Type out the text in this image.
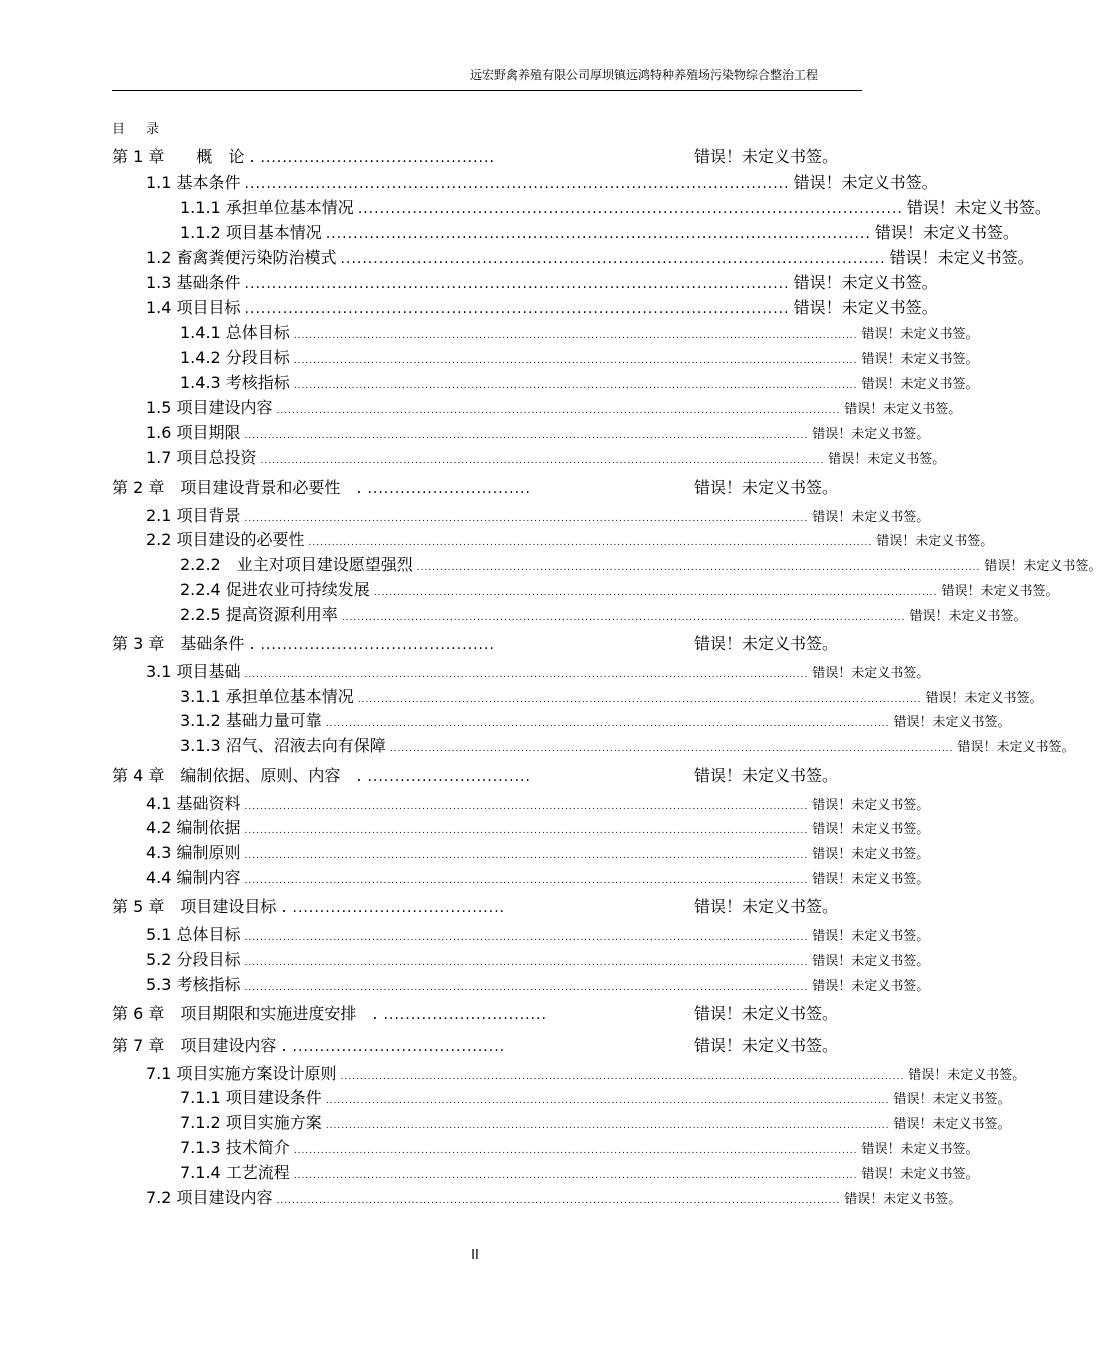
远宏野禽养殖有限公司厚坝镇远鸿特种养殖场污染物综合整治工程
目　录
第 1 章　　概　论 . ...........................................	错误！未定义书签。
1.1 基本条件 .................................................................................................... 错误！未定义书签。
1.1.1 承担单位基本情况 .................................................................................................... 错误！未定义书签。
1.1.2 项目基本情况 .................................................................................................... 错误！未定义书签。
1.2 畜禽粪便污染防治模式 .................................................................................................... 错误！未定义书签。
1.3 基础条件 .................................................................................................... 错误！未定义书签。
1.4 项目目标 .................................................................................................... 错误！未定义书签。
1.4.1 总体目标 .................................................................................................................................................. 错误！未定义书签。
1.4.2 分段目标 .................................................................................................................................................. 错误！未定义书签。
1.4.3 考核指标 .................................................................................................................................................. 错误！未定义书签。
1.5 项目建设内容 .................................................................................................................................................. 错误！未定义书签。
1.6 项目期限 .................................................................................................................................................. 错误！未定义书签。
1.7 项目总投资 .................................................................................................................................................. 错误！未定义书签。
第 2 章　项目建设背景和必要性　. ..............................	错误！未定义书签。
2.1 项目背景 .................................................................................................................................................. 错误！未定义书签。
2.2 项目建设的必要性 .................................................................................................................................................. 错误！未定义书签。
2.2.2　业主对项目建设愿望强烈 .................................................................................................................................................. 错误！未定义书签。
2.2.4 促进农业可持续发展 .................................................................................................................................................. 错误！未定义书签。
2.2.5 提高资源利用率 .................................................................................................................................................. 错误！未定义书签。
第 3 章　基础条件 . ...........................................	错误！未定义书签。
3.1 项目基础 .................................................................................................................................................. 错误！未定义书签。
3.1.1 承担单位基本情况 .................................................................................................................................................. 错误！未定义书签。
3.1.2 基础力量可靠 .................................................................................................................................................. 错误！未定义书签。
3.1.3 沼气、沼液去向有保障 .................................................................................................................................................. 错误！未定义书签。
第 4 章　编制依据、原则、内容　. ..............................	错误！未定义书签。
4.1 基础资料 .................................................................................................................................................. 错误！未定义书签。
4.2 编制依据 .................................................................................................................................................. 错误！未定义书签。
4.3 编制原则 .................................................................................................................................................. 错误！未定义书签。
4.4 编制内容 .................................................................................................................................................. 错误！未定义书签。
第 5 章　项目建设目标 . .......................................	错误！未定义书签。
5.1 总体目标 .................................................................................................................................................. 错误！未定义书签。
5.2 分段目标 .................................................................................................................................................. 错误！未定义书签。
5.3 考核指标 .................................................................................................................................................. 错误！未定义书签。
第 6 章　项目期限和实施进度安排　. ..............................	错误！未定义书签。
第 7 章　项目建设内容 . .......................................	错误！未定义书签。
7.1 项目实施方案设计原则 .................................................................................................................................................. 错误！未定义书签。
7.1.1 项目建设条件 .................................................................................................................................................. 错误！未定义书签。
7.1.2 项目实施方案 .................................................................................................................................................. 错误！未定义书签。
7.1.3 技术简介 .................................................................................................................................................. 错误！未定义书签。
7.1.4 工艺流程 .................................................................................................................................................. 错误！未定义书签。
7.2 项目建设内容 .................................................................................................................................................. 错误！未定义书签。
II
